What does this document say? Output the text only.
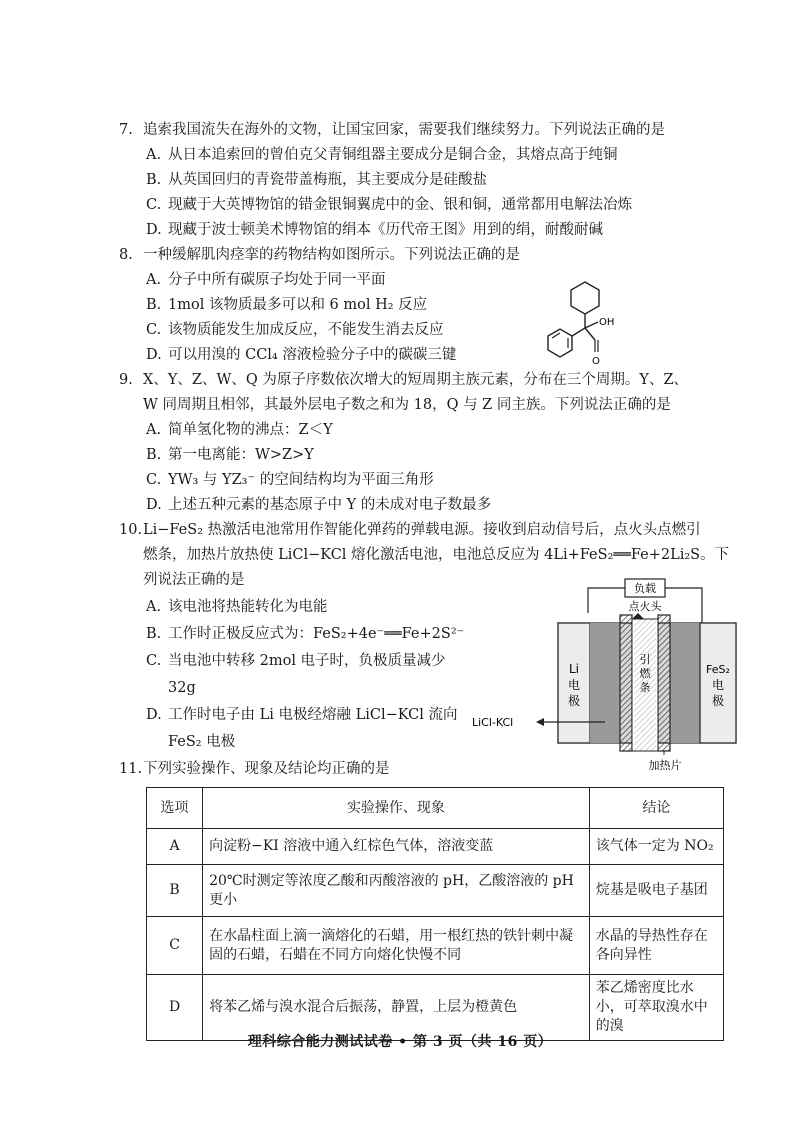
7. 追索我国流失在海外的文物，让国宝回家，需要我们继续努力。下列说法正确的是
A. 从日本追索回的曾伯克父青铜组器主要成分是铜合金，其熔点高于纯铜
B. 从英国回归的青瓷带盖梅瓶，其主要成分是硅酸盐
C. 现藏于大英博物馆的错金银铜翼虎中的金、银和铜，通常都用电解法冶炼
D. 现藏于波士顿美术博物馆的绢本《历代帝王图》用到的绢，耐酸耐碱
8. 一种缓解肌肉痉挛的药物结构如图所示。下列说法正确的是
A. 分子中所有碳原子均处于同一平面
B. 1mol 该物质最多可以和 6 mol H₂ 反应
C. 该物质能发生加成反应，不能发生消去反应
D. 可以用溴的 CCl₄ 溶液检验分子中的碳碳三键
OH
O
9. X、Y、Z、W、Q 为原子序数依次增大的短周期主族元素，分布在三个周期。Y、Z、
W 同周期且相邻，其最外层电子数之和为 18，Q 与 Z 同主族。下列说法正确的是
A. 简单氢化物的沸点：Z＜Y
B. 第一电离能：W>Z>Y
C. YW₃ 与 YZ₃⁻ 的空间结构均为平面三角形
D. 上述五种元素的基态原子中 Y 的未成对电子数最多
10.Li−FeS₂ 热激活电池常用作智能化弹药的弹载电源。接收到启动信号后，点火头点燃引
燃条，加热片放热使 LiCl−KCl 熔化激活电池，电池总反应为 4Li+FeS₂══Fe+2Li₂S。下
列说法正确的是
A. 该电池将热能转化为电能
B. 工作时正极反应式为：FeS₂+4e⁻══Fe+2S²⁻
C. 当电池中转移 2mol 电子时，负极质量减少
32g
D. 工作时电子由 Li 电极经熔融 LiCl−KCl 流向
FeS₂ 电极
负载
点火头
Li
电
极
引
燃
条
FeS₂
电
极
LiCl-KCl
加热片
11.下列实验操作、现象及结论均正确的是
选项	实验操作、现象	结论
A	向淀粉−KI 溶液中通入红棕色气体，溶液变蓝	该气体一定为 NO₂
B	20℃时测定等浓度乙酸和丙酸溶液的 pH，乙酸溶液的 pH 更小	烷基是吸电子基团
C	在水晶柱面上滴一滴熔化的石蜡，用一根红热的铁针刺中凝固的石蜡，石蜡在不同方向熔化快慢不同	水晶的导热性存在各向异性
D	将苯乙烯与溴水混合后振荡，静置，上层为橙黄色	苯乙烯密度比水小，可萃取溴水中的溴
理科综合能力测试试卷 • 第 3 页（共 16 页）
